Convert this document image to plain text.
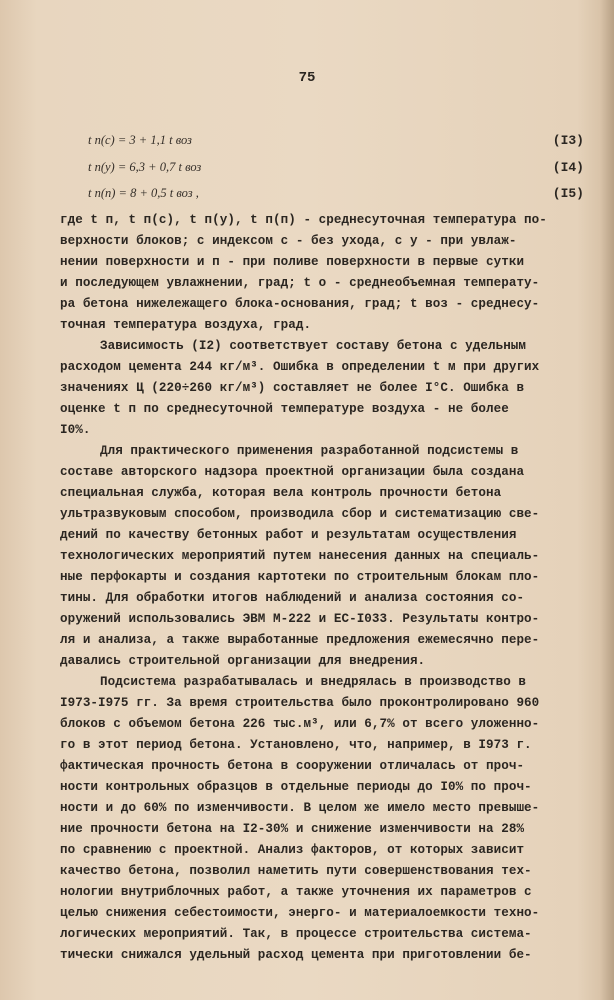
75
t п(с) = 3 + 1,1 t воз	(I3)
t п(у) = 6,3 + 0,7 t воз	(I4)
t п(п) = 8 + 0,5 t воз ,	(I5)
где t п, t п(с), t п(у), t п(п) - среднесуточная температура по-
верхности блоков; с индексом с - без ухода, с у - при увлаж-
нении поверхности и п - при поливе поверхности в первые сутки
и последующем увлажнении, град; t о - среднеобъемная температу-
ра бетона нижележащего блока-основания, град; t воз - среднесу-
точная температура воздуха, град.
Зависимость (I2) соответствует составу бетона с удельным
расходом цемента 244 кг/м³. Ошибка в определении t м при других
значениях Ц (220÷260 кг/м³) составляет не более I°С. Ошибка в
оценке t п по среднесуточной температуре воздуха - не более
I0%.
Для практического применения разработанной подсистемы в
составе авторского надзора проектной организации была создана
специальная служба, которая вела контроль прочности бетона
ультразвуковым способом, производила сбор и систематизацию све-
дений по качеству бетонных работ и результатам осуществления
технологических мероприятий путем нанесения данных на специаль-
ные перфокарты и создания картотеки по строительным блокам пло-
тины. Для обработки итогов наблюдений и анализа состояния со-
оружений использовались ЭВМ М-222 и ЕС-I033. Результаты контро-
ля и анализа, а также выработанные предложения ежемесячно пере-
давались строительной организации для внедрения.
Подсистема разрабатывалась и внедрялась в производство в
I973-I975 гг. За время строительства было проконтролировано 960
блоков с объемом бетона 226 тыс.м³, или 6,7% от всего уложенно-
го в этот период бетона. Установлено, что, например, в I973 г.
фактическая прочность бетона в сооружении отличалась от проч-
ности контрольных образцов в отдельные периоды до I0% по проч-
ности и до 60% по изменчивости. В целом же имело место превыше-
ние прочности бетона на I2-30% и снижение изменчивости на 28%
по сравнению с проектной. Анализ факторов, от которых зависит
качество бетона, позволил наметить пути совершенствования тех-
нологии внутриблочных работ, а также уточнения их параметров с
целью снижения себестоимости, энерго- и материалоемкости техно-
логических мероприятий. Так, в процессе строительства система-
тически снижался удельный расход цемента при приготовлении бе-
